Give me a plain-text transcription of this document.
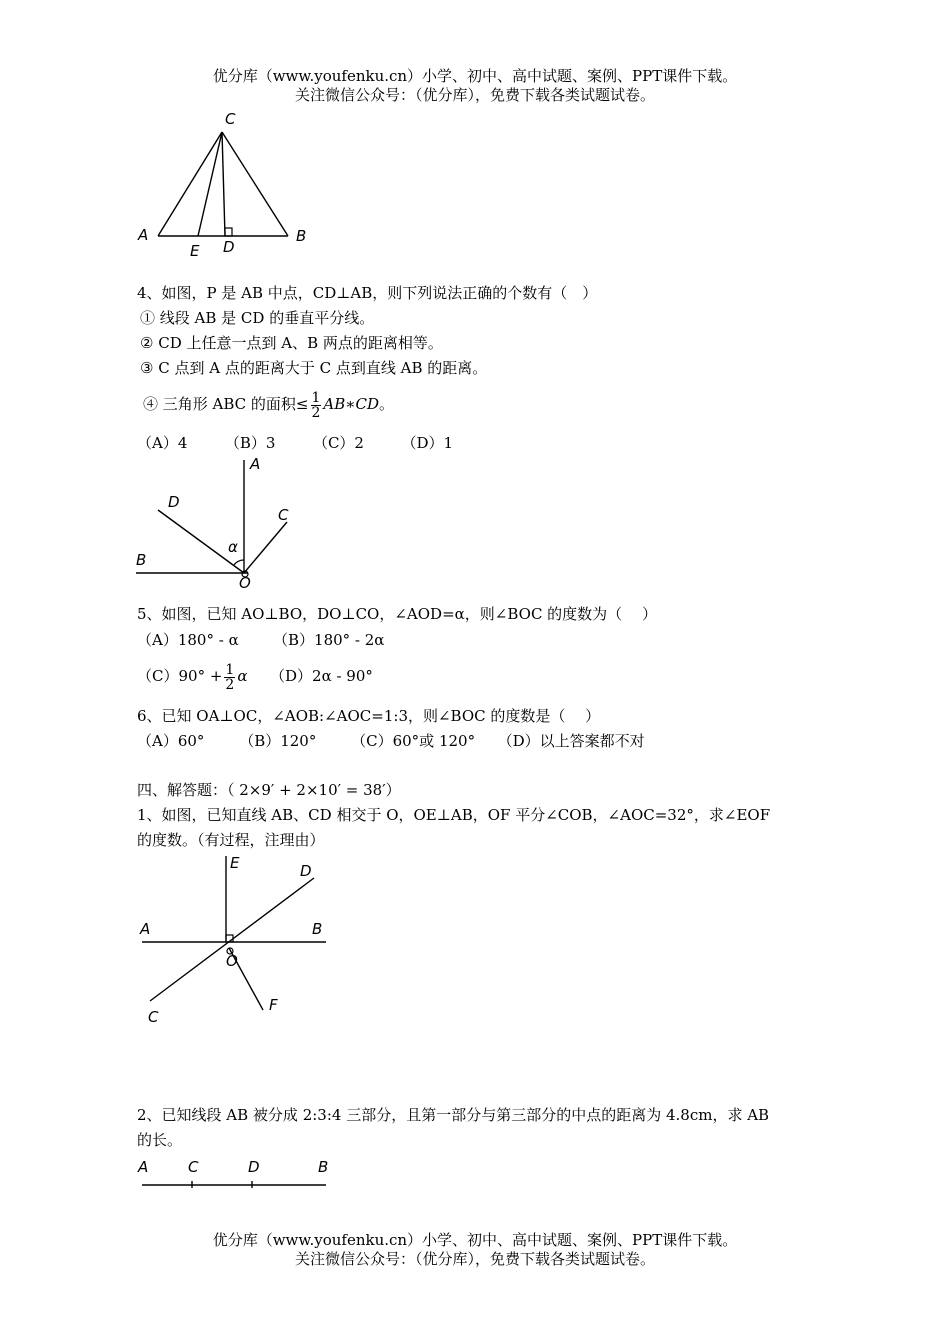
优分库（www.youfenku.cn）小学、初中、高中试题、案例、PPT课件下载。
关注微信公众号：（优分库），免费下载各类试题试卷。
C
A
E D
B
4、如图，P 是 AB 中点，CD⊥AB，则下列说法正确的个数有（　）
① 线段 AB 是 CD 的垂直平分线。
② CD 上任意一点到 A、B 两点的距离相等。
③ C 点到 A 点的距离大于 C 点到直线 AB 的距离。
④ 三角形 ABC 的面积≤ $\frac{1}{2}$ AB∗CD。
（A）4　　　（B）3　　　（C）2　　　（D）1
A
D
C
α
B
O
5、如图，已知 AO⊥BO，DO⊥CO，∠AOD=α，则∠BOC 的度数为（　 ）
（A）180° - α （B）180° - 2α
$(C)90^\circ + \frac{1}{2}$ α （D）2α - 90°
6、已知 OA⊥OC，∠AOB:∠AOC=1:3，则∠BOC 的度数是（　 ）
（A）60°　　 （B）120°　　 （C）60°或 120°　　（D）以上答案都不对
四、解答题：（ 2×9′ + 2×10′ = 38′）
1、如图，已知直线 AB、CD 相交于 O，OE⊥AB，OF 平分∠COB，∠AOC=32°，求∠EOF
的度数。（有过程，注理由）
E	D
A	B
O
C
F
2、已知线段 AB 被分成 2:3:4 三部分，且第一部分与第三部分的中点的距离为 4.8cm，求 AB
的长。
A	C	D	B
优分库（www.youfenku.cn）小学、初中、高中试题、案例、PPT课件下载。
关注微信公众号：（优分库），免费下载各类试题试卷。
